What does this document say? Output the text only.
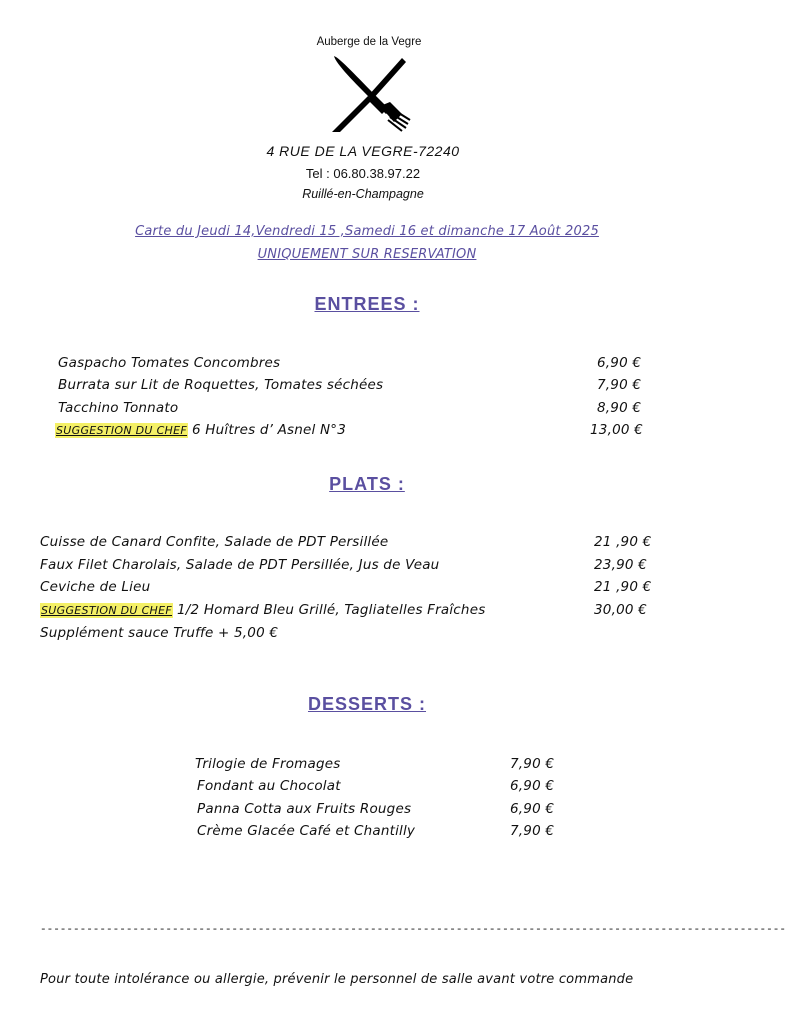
Auberge de la Vegre
4 RUE DE LA VEGRE-72240
Tel : 06.80.38.97.22
Ruillé-en-Champagne
Carte du Jeudi 14,Vendredi 15 ,Samedi 16 et dimanche 17 Août 2025
UNIQUEMENT SUR RESERVATION
ENTREES :
Gaspacho Tomates Concombres	6,90 €
Burrata sur Lit de Roquettes, Tomates séchées	7,90 €
Tacchino Tonnato	8,90 €
SUGGESTION DU CHEF 6 Huîtres d’ Asnel N°3	13,00 €
PLATS :
Cuisse de Canard Confite, Salade de PDT Persillée	21 ,90 €
Faux Filet Charolais, Salade de PDT Persillée, Jus de Veau	23,90 €
Ceviche de Lieu	21 ,90 €
SUGGESTION DU CHEF 1/2 Homard Bleu Grillé, Tagliatelles Fraîches	30,00 €
Supplément sauce Truffe + 5,00 €
DESSERTS :
Trilogie de Fromages	7,90 €
Fondant au Chocolat	6,90 €
Panna Cotta aux Fruits Rouges	6,90 €
Crème Glacée Café et Chantilly	7,90 €
-----------------------------------------------------------------------------------------------------------------
Pour toute intolérance ou allergie, prévenir le personnel de salle avant votre commande
